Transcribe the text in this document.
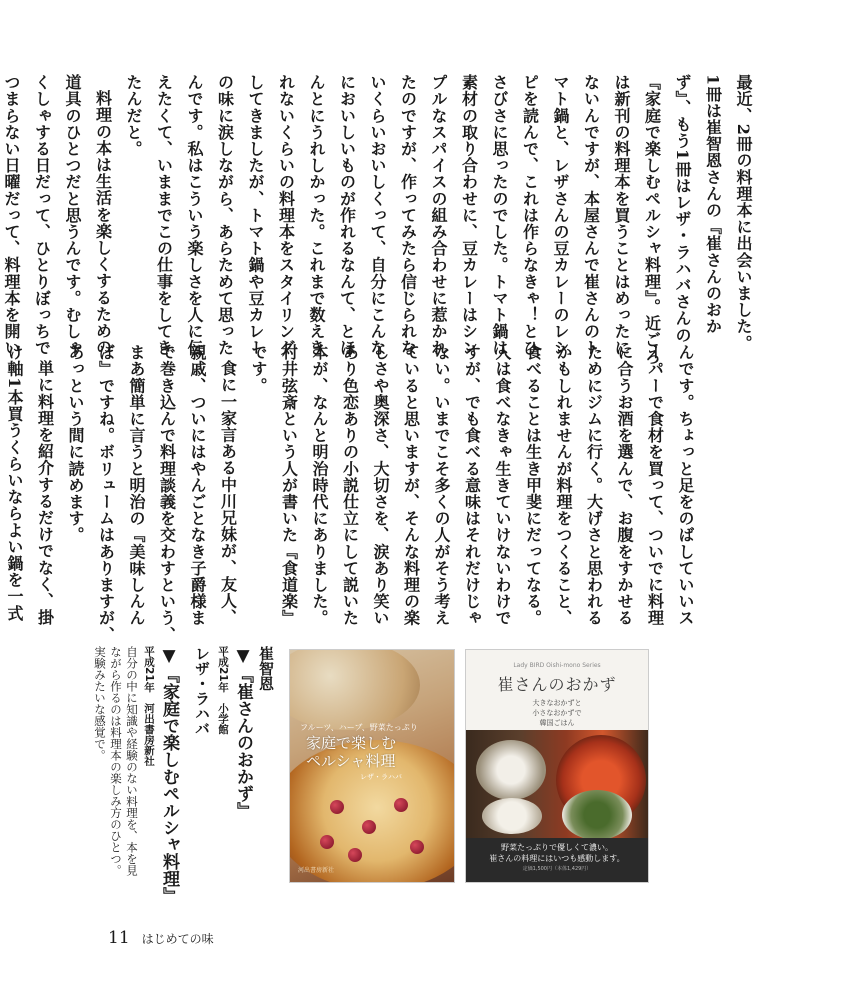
最近、2冊の料理本に出会いました。

1冊は崔智恩さんの『崔さんのおか

ず』、もう1冊はレザ・ラハバさんの

『家庭で楽しむペルシャ料理』。近ごろ

は新刊の料理本を買うことはめったに

ないんですが、本屋さんで崔さんのト

マト鍋と、レザさんの豆カレーのレシ

ピを読んで、これは作らなきゃ！とひ

さびさに思ったのでした。トマト鍋は

素材の取り合わせに、豆カレーはシン

プルなスパイスの組み合わせに惹かれ

たのですが、作ってみたら信じられな

いくらいおいしくって、自分にこんな

においしいものが作れるなんて、とほ

んとにうれしかった。これまで数えき

れないくらいの料理本をスタイリング

してきましたが、トマト鍋や豆カレー

の味に涙しながら、あらためて思った

んです。私はこういう楽しさを人に伝

えたくて、いままでこの仕事をしてき

たんだと。

料理の本は生活を楽しくするための

道具のひとつだと思うんです。むしゃ

くしゃする日だって、ひとりぼっちで

つまらない日曜だって、料理本を開い

んです。ちょっと足をのばしていいス

ーパーで食材を買って、ついでに料理

に合うお酒を選んで、お腹をすかせる

ためにジムに行く。大げさと思われる

かもしれませんが料理をつくること、

食べることは生き甲斐にだってなる。

人は食べなきゃ生きていけないわけで

すが、でも食べる意味はそれだけじゃ

ない。いまでこそ多くの人がそう考え

ていると思いますが、そんな料理の楽

しさや奥深さ、大切さを、涙あり笑い

あり色恋ありの小説仕立にして説いた

本が、なんと明治時代にありました。

村井弦斎という人が書いた『食道楽』

です。

食に一家言ある中川兄妹が、友人、

親戚、ついにはやんごとなき子爵様ま

で巻き込んで料理談義を交わすという、

まあ簡単に言うと明治の『美味しんん

ぼ』ですね。ボリュームはありますが、

あっという間に読めます。

単に料理を紹介するだけでなく、掛

け軸1本買うくらいならよい鍋を一式

崔智恩

▼『崔さんのおかず』

平成21年　小学館

レザ・ラハバ

▼『家庭で楽しむペルシャ料理』

平成21年　河出書房新社

自分の中に知識や経験のない料理を、本を見

ながら作るのは料理本の楽しみ方のひとつ。

実験みたいな感覚で。	フルーツ、ハーブ、野菜たっぷり
家庭で楽しむ
ペルシャ料理
レザ・ラハバ
河出書房新社
Lady BIRD Oishi-mono Series
崔さんのおかず
大きなおかずと
小さなおかずで
韓国ごはん
野菜たっぷりで優しくて濃い。
崔さんの料理にはいつも感動します。
定価1,500円（本体1,429円）
11 はじめての味
